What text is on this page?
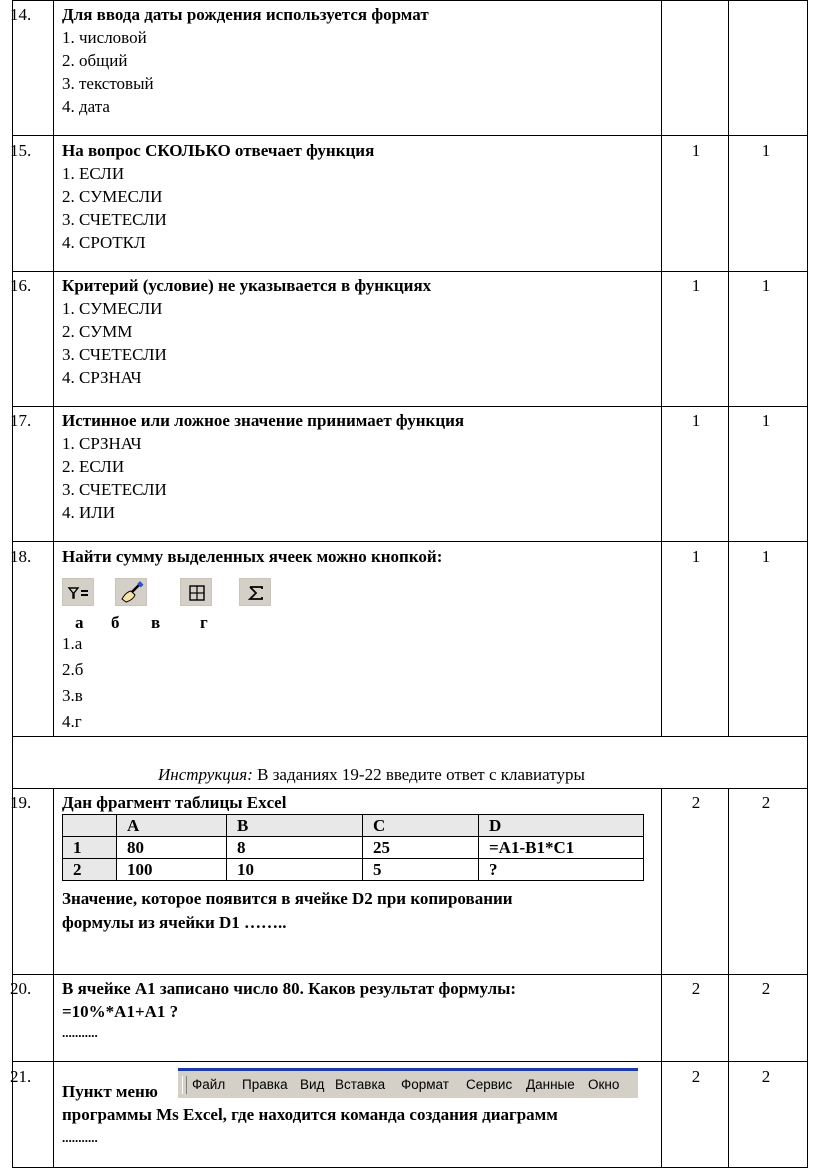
14. Для ввода даты рождения используется формат
1. числовой
2. общий
3. текстовый
4. дата
15. На вопрос СКОЛЬКО отвечает функция
1. ЕСЛИ
2. СУМЕСЛИ
3. СЧЕТЕСЛИ
4. СРОТКЛ
1	1
16. Критерий (условие) не указывается в функциях
1. СУМЕСЛИ
2. СУММ
3. СЧЕТЕСЛИ
4. СРЗНАЧ
1	1
17. Истинное или ложное значение принимает функция
1. СРЗНАЧ
2. ЕСЛИ
3. СЧЕТЕСЛИ
4. ИЛИ
1	1
18. Найти сумму выделенных ячеек можно кнопкой:	1	1
а б в г
1.а
2.б
3.в
4.г
Инструкция: В заданиях 19-22 введите ответ с клавиатуры
19. Дан фрагмент таблицы Excel	2	2
	A	B	C	D
1	80	8	25	=A1-B1*C1
2	100	10	5	?
Значение, которое появится в ячейке D2 при копировании
формулы из ячейки D1 ……..
20. В ячейке А1 записано число 80. Каков результат формулы:
=10%*A1+A1 ?
...........
2	2
21.
Пункт меню	Файл Правка Вид Вставка Формат Сервис Данные Окно
программы Ms Excel, где находится команда создания диаграмм
...........
2	2
